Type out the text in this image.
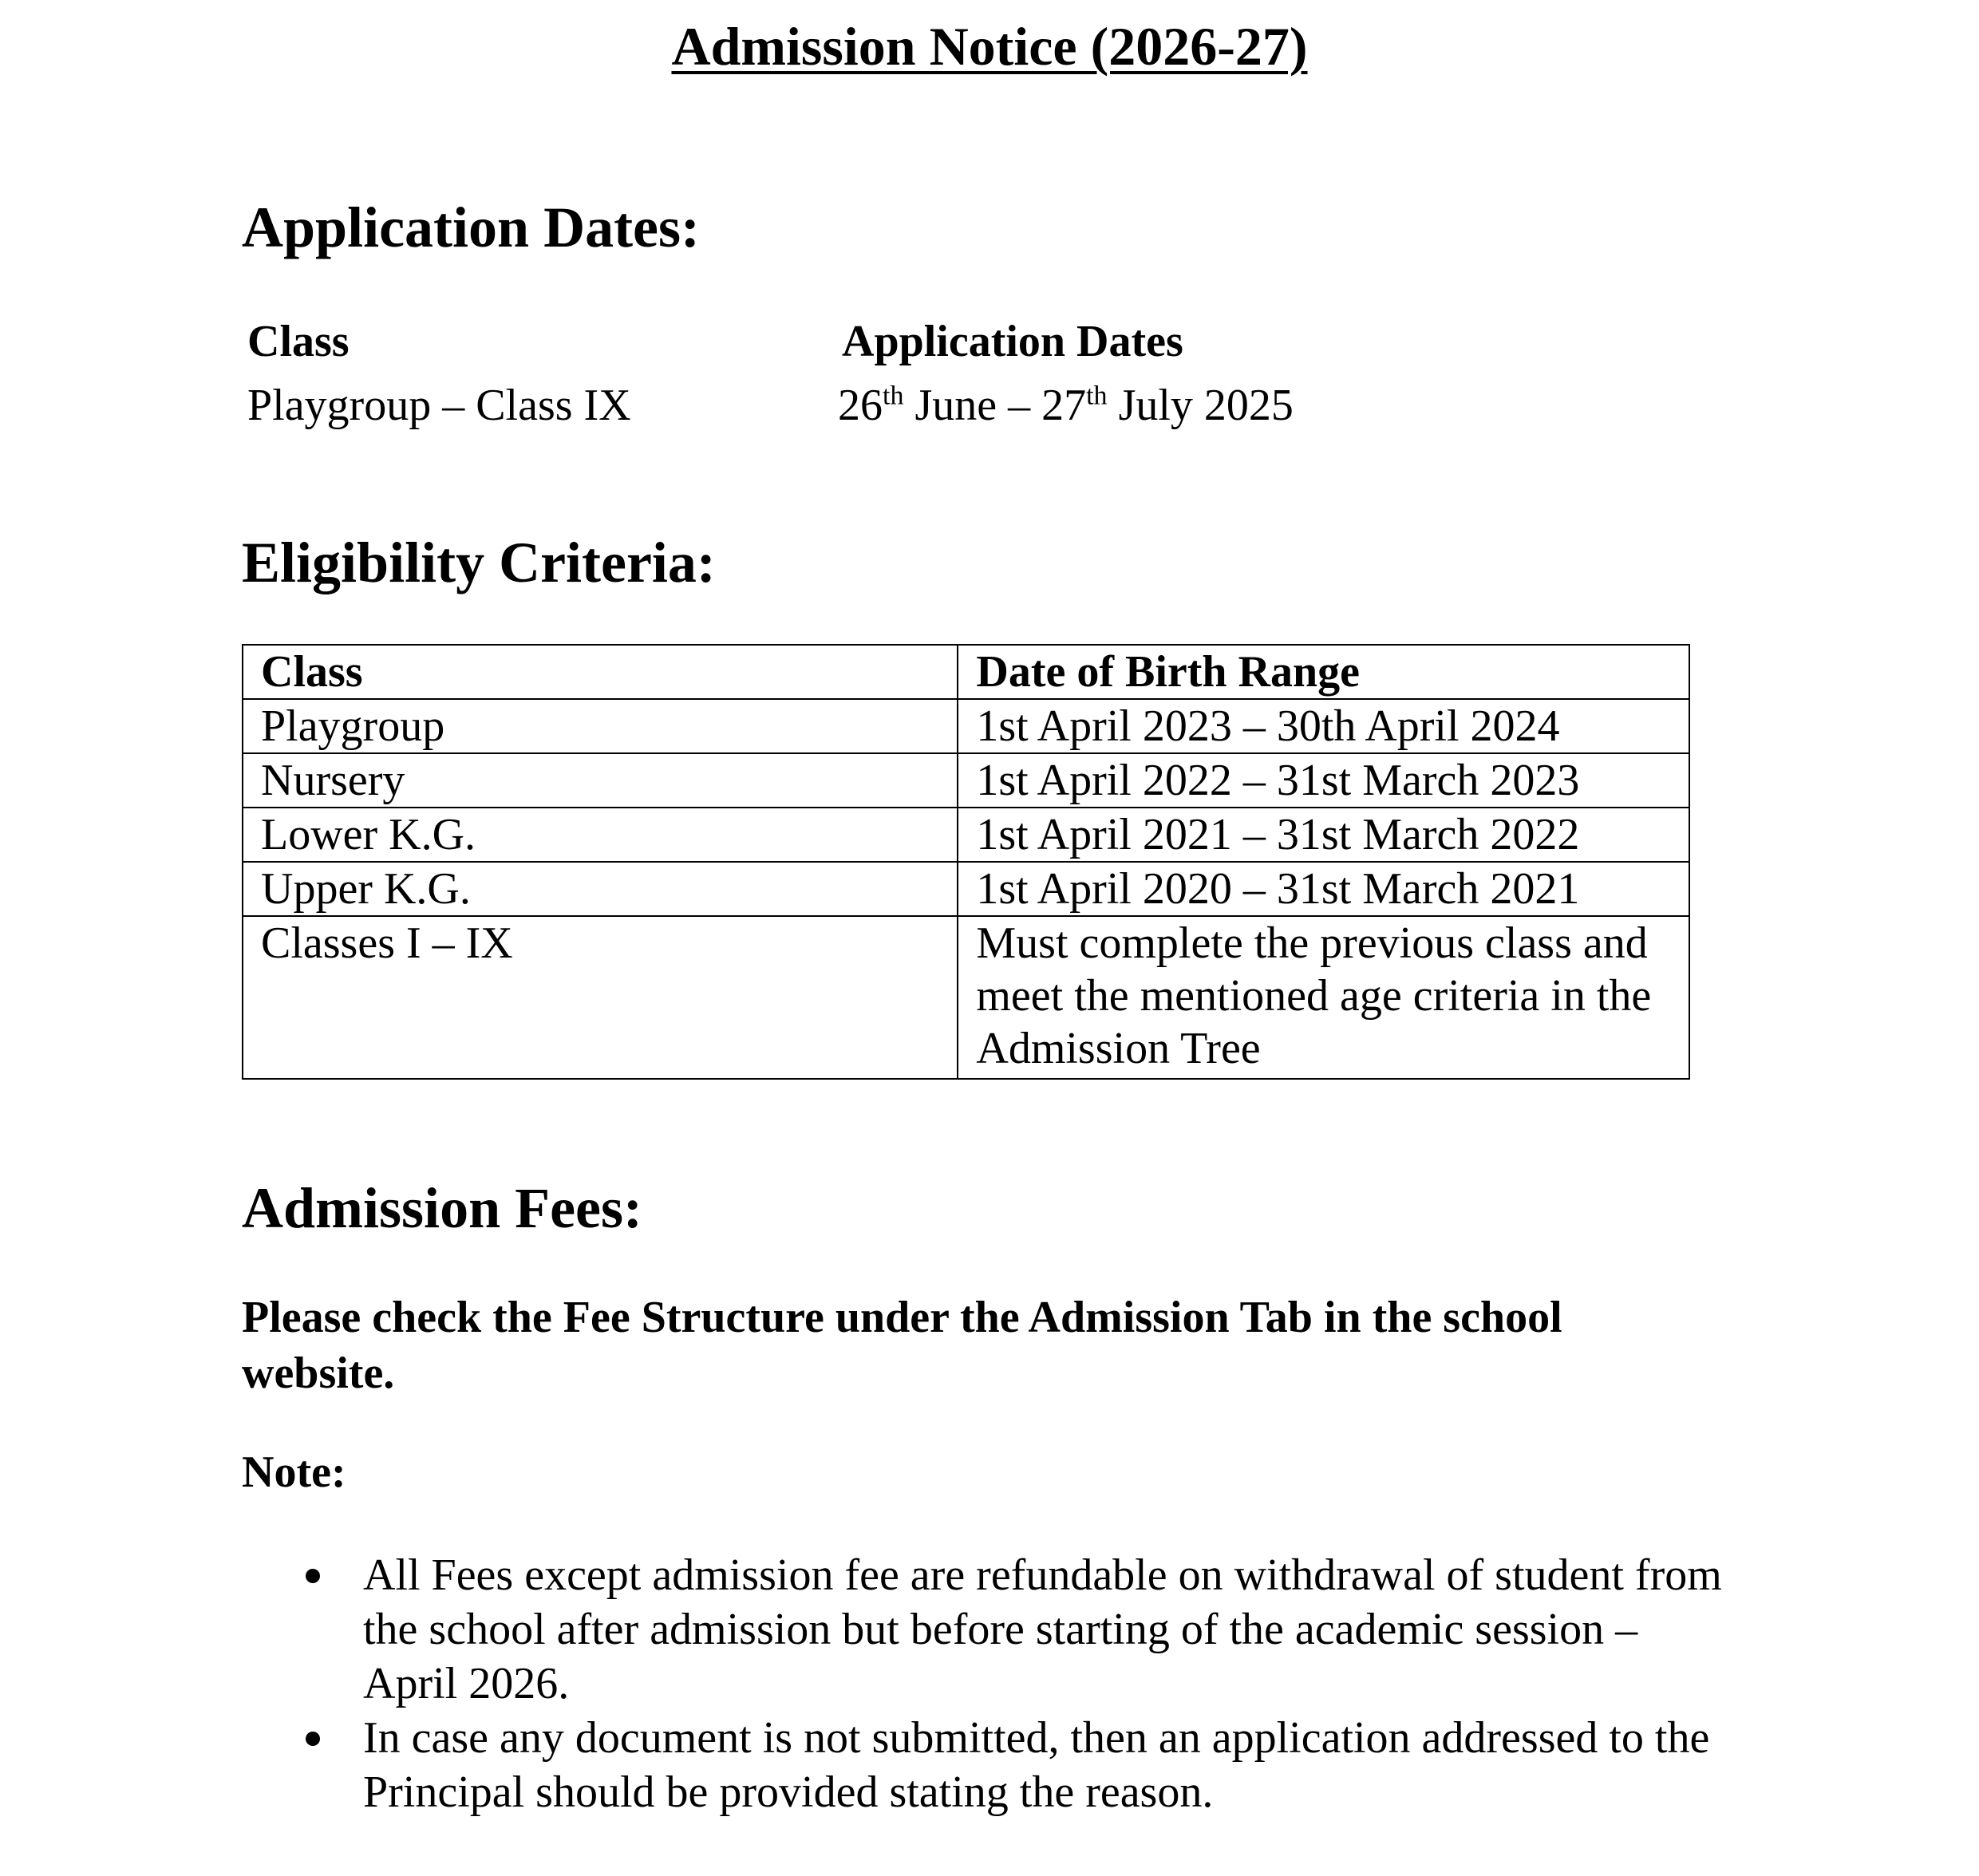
Admission Notice (2026-27)
Application Dates:
Class	Application Dates
Playgroup – Class IX	26th June – 27th July 2025
Eligibility Criteria:
Class	Date of Birth Range
Playgroup	1st April 2023 – 30th April 2024
Nursery	1st April 2022 – 31st March 2023
Lower K.G.	1st April 2021 – 31st March 2022
Upper K.G.	1st April 2020 – 31st March 2021
Classes I – IX	Must complete the previous class and meet the mentioned age criteria in the Admission Tree
Admission Fees:
Please check the Fee Structure under the Admission Tab in the school website.
Note:
All Fees except admission fee are refundable on withdrawal of student from the school after admission but before starting of the academic session – April 2026.
In case any document is not submitted, then an application addressed to the Principal should be provided stating the reason.
